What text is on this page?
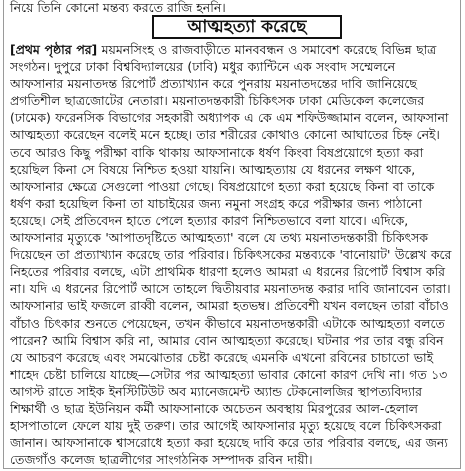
নিয়ে তিনি কোনো মন্তব্য করতে রাজি হননি।
আত্মহত্যা করেছে
[প্রথম পৃষ্ঠার পর] ময়মনসিংহ ও রাজবাড়ীতে মানববন্ধন ও সমাবেশ করেছে বিভিন্ন ছাত্র
সংগঠন। দুপুরে ঢাকা বিশ্ববিদ্যালয়ের (ঢাবি) মধুর ক্যান্টিনে এক সংবাদ সম্মেলনে
আফসানার ময়নাতদন্ত রিপোর্ট প্রত্যাখ্যান করে পুনরায় ময়নাতদন্তের দাবি জানিয়েছে
প্রগতিশীল ছাত্রজোটের নেতারা। ময়নাতদন্তকারী চিকিৎসক ঢাকা মেডিকেল কলেজের
(ঢামেক) ফরেনসিক বিভাগের সহকারী অধ্যাপক এ কে এম শফিউজ্জামান বলেন, আফসানা
আত্মহত্যা করেছেন বলেই মনে হচ্ছে। তার শরীরের কোথাও কোনো আঘাতের চিহ্ন নেই।
তবে আরও কিছু পরীক্ষা বাকি থাকায় আফসানাকে ধর্ষণ কিংবা বিষপ্রয়োগে হত্যা করা
হয়েছিল কিনা সে বিষয়ে নিশ্চিত হওয়া যায়নি। আত্মহত্যায় যে ধরনের লক্ষণ থাকে,
আফসানার ক্ষেত্রে সেগুলো পাওয়া গেছে। বিষপ্রয়োগে হত্যা করা হয়েছে কিনা বা তাকে
ধর্ষণ করা হয়েছিল কিনা তা যাচাইয়ের জন্য নমুনা সংগ্রহ করে পরীক্ষার জন্য পাঠানো
হয়েছে। সেই প্রতিবেদন হাতে পেলে হত্যার কারণ নিশ্চিতভাবে বলা যাবে। এদিকে,
আফসানার মৃত্যুকে 'আপাতদৃষ্টিতে আত্মহত্যা' বলে যে তথ্য ময়নাতদন্তকারী চিকিৎসক
দিয়েছেন তা প্রত্যাখ্যান করেছে তার পরিবার। চিকিৎসকের মন্তব্যকে 'বানোয়াট' উল্লেখ করে
নিহতের পরিবার বলছে, এটা প্রাথমিক ধারণা হলেও আমরা এ ধরনের রিপোর্ট বিশ্বাস করি
না। যদি এ ধরনের রিপোর্ট আসে তাহলে দ্বিতীয়বার ময়নাতদন্ত করার দাবি জানাবেন তারা।
আফসানার ভাই ফজলে রাব্বী বলেন, আমরা হতভম্ব। প্রতিবেশী যখন বলছেন তারা বাঁচাও
বাঁচাও চিৎকার শুনতে পেয়েছেন, তখন কীভাবে ময়নাতদন্তকারী এটাকে আত্মহত্যা বলতে
পারেন? আমি বিশ্বাস করি না, আমার বোন আত্মহত্যা করেছে। ঘটনার পর তার বন্ধু রবিন
যে আচরণ করেছে এবং সমঝোতার চেষ্টা করেছে এমনকি এখনো রবিনের চাচাতো ভাই
শাহেদ চেষ্টা চালিয়ে যাচ্ছে—সেটার পর আত্মহত্যা ভাবার কোনো কারণ দেখি না। গত ১৩
আগস্ট রাতে সাইক ইনস্টিটিউট অব ম্যানেজমেন্ট অ্যান্ড টেকনোলজির স্থাপত্যবিদ্যার
শিক্ষার্থী ও ছাত্র ইউনিয়ন কর্মী আফসানাকে অচেতন অবস্থায় মিরপুরের আল-হেলাল
হাসপাতালে ফেলে যায় দুই তরুণ। তার আগেই আফসানার মৃত্যু হয়েছে বলে চিকিৎসকরা
জানান। আফসানাকে শ্বাসরোধে হত্যা করা হয়েছে দাবি করে তার পরিবার বলছে, এর জন্য
তেজগাঁও কলেজ ছাত্রলীগের সাংগঠনিক সম্পাদক রবিন দায়ী।
